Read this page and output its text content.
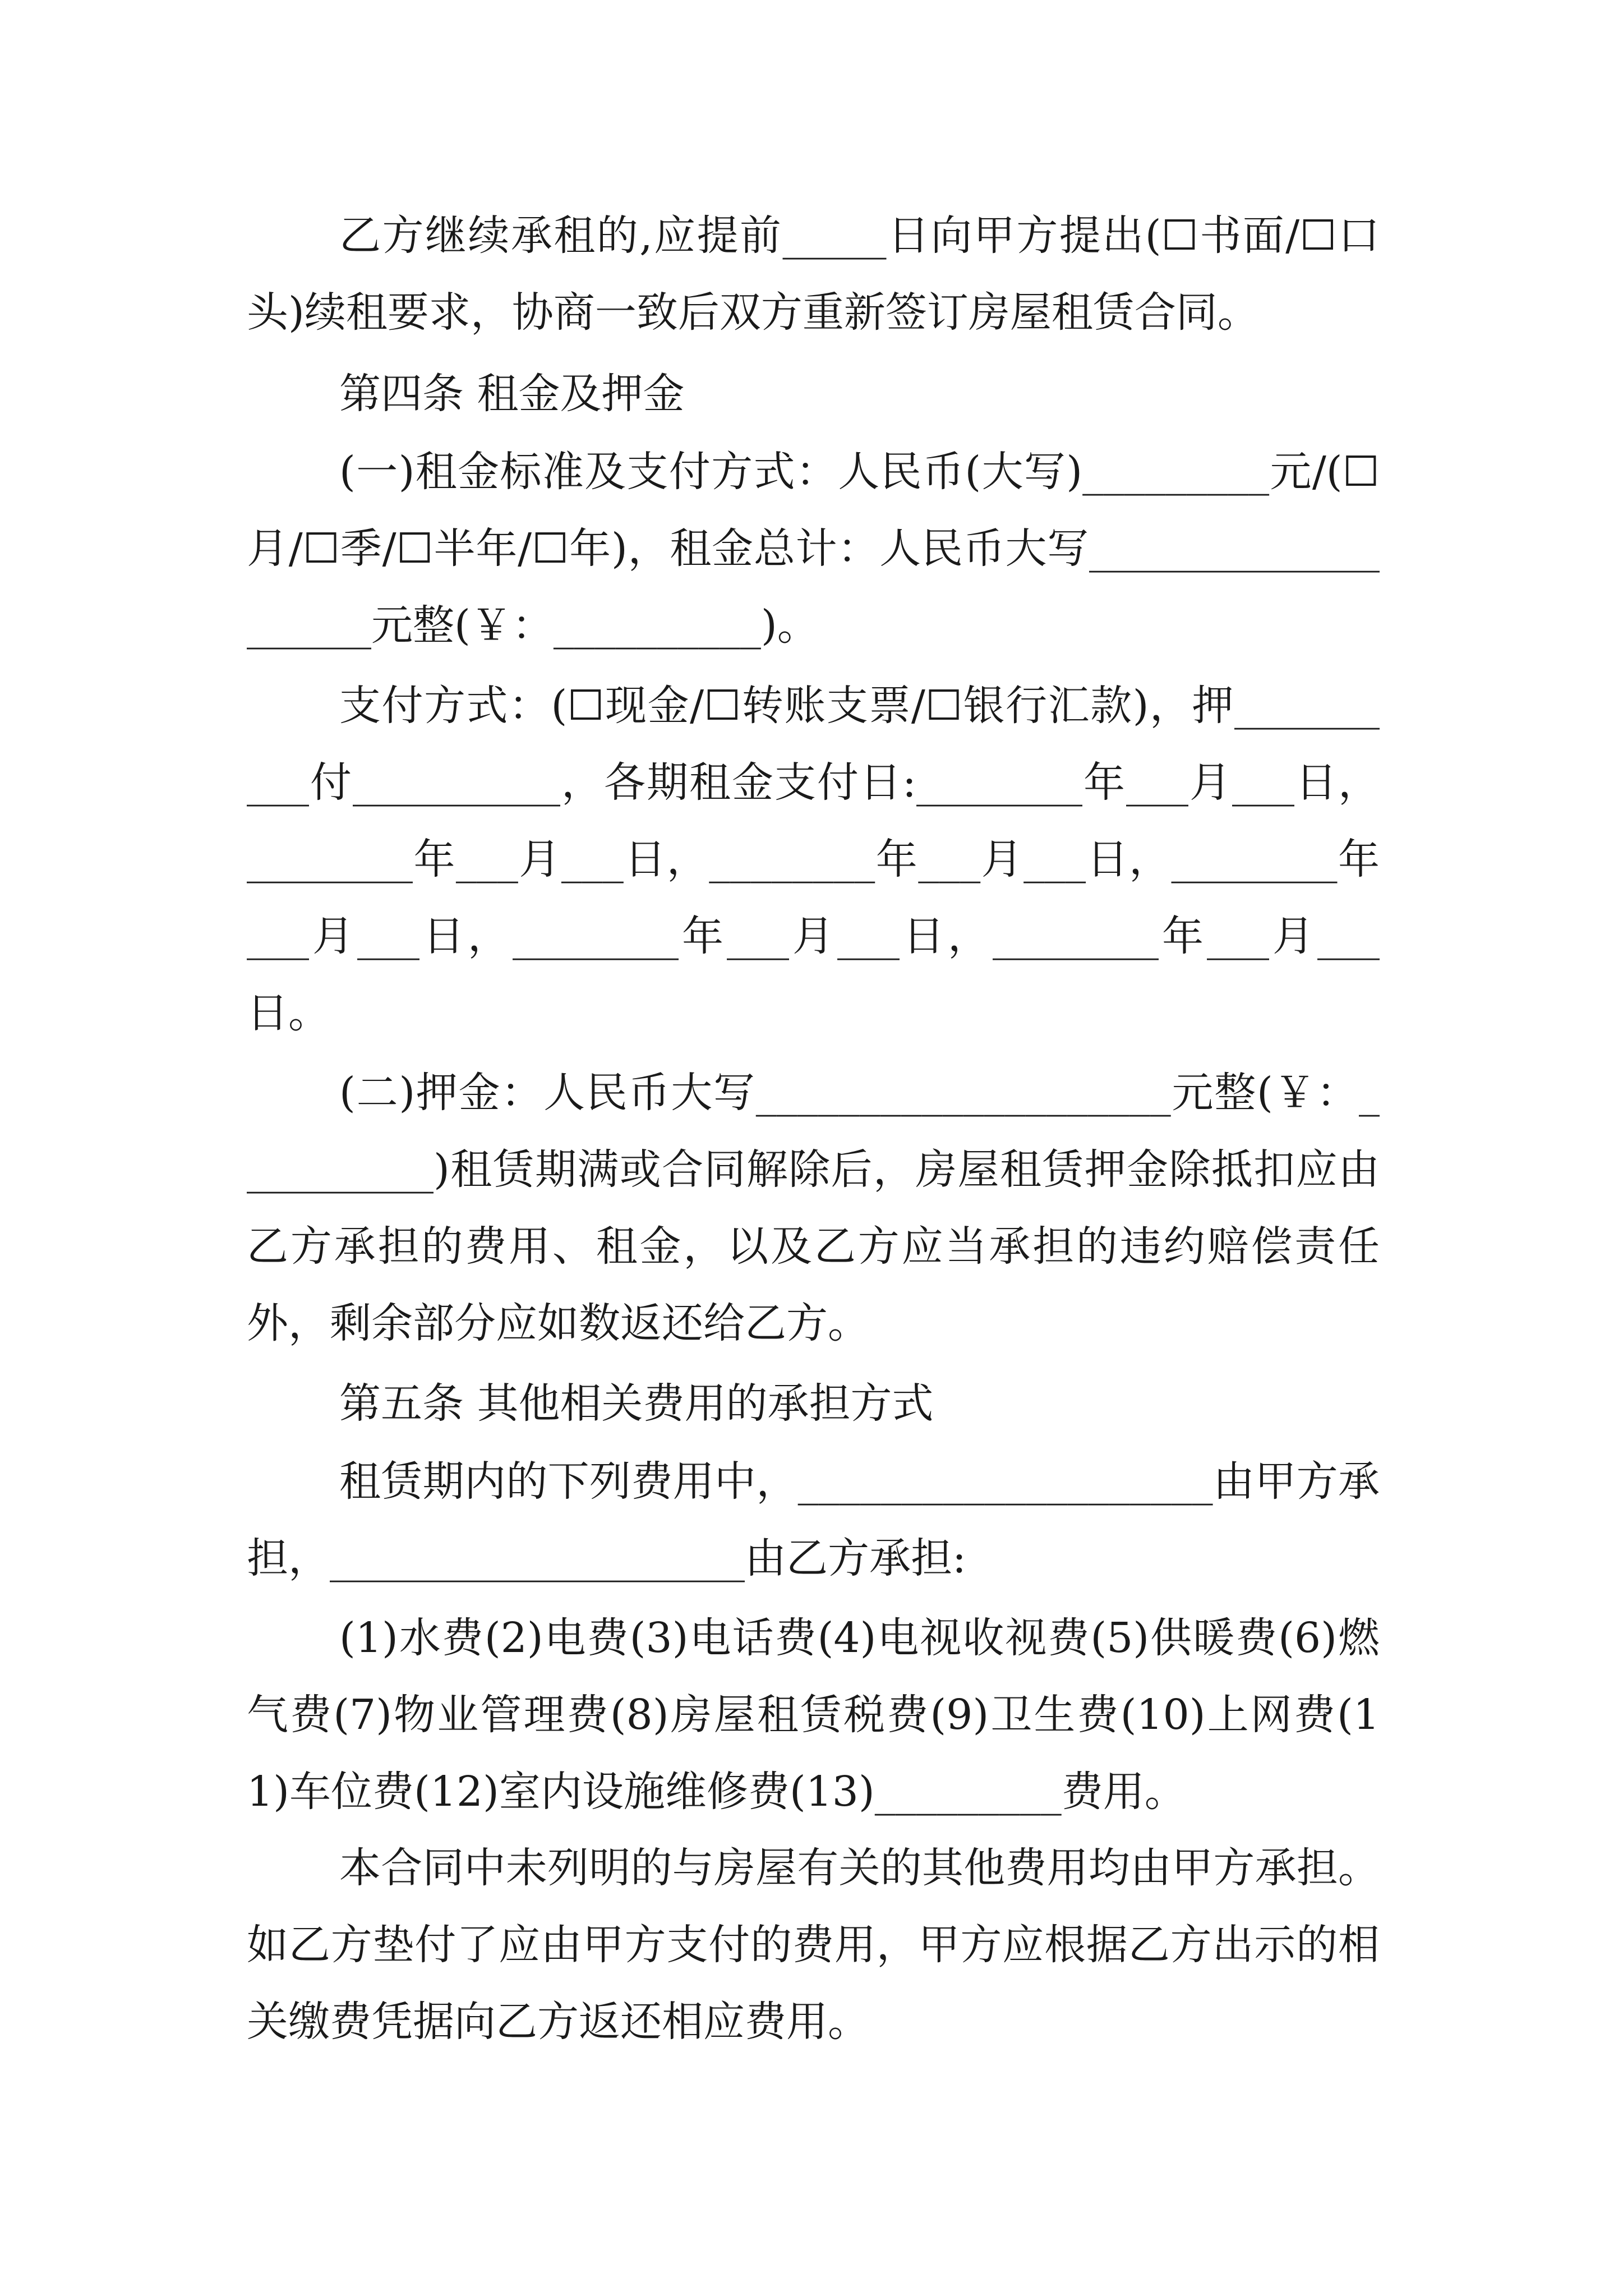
乙方继续承租的,应提前_____日向甲方提出(☐书面/☐口头)续租要求，协商一致后双方重新签订房屋租赁合同。

第四条 租金及押金

(一)租金标准及支付方式：人民币(大写)_________元/(☐月/☐季/☐半年/☐年)，租金总计：人民币大写____________________元整(￥：__________)。

支付方式：(☐现金/☐转账支票/☐银行汇款)，押__________付__________，各期租金支付日:________年___月___日，________年___月___日，________年___月___日，________年___月___日，________年___月___日，________年___月___日。

(二)押金：人民币大写____________________元整(￥：__________)租赁期满或合同解除后，房屋租赁押金除抵扣应由乙方承担的费用、租金，以及乙方应当承担的违约赔偿责任外，剩余部分应如数返还给乙方。

第五条 其他相关费用的承担方式

租赁期内的下列费用中，____________________由甲方承担，____________________由乙方承担:

(1)水费(2)电费(3)电话费(4)电视收视费(5)供暖费(6)燃气费(7)物业管理费(8)房屋租赁税费(9)卫生费(10)上网费(11)车位费(12)室内设施维修费(13)_________费用。

本合同中未列明的与房屋有关的其他费用均由甲方承担。如乙方垫付了应由甲方支付的费用，甲方应根据乙方出示的相关缴费凭据向乙方返还相应费用。
